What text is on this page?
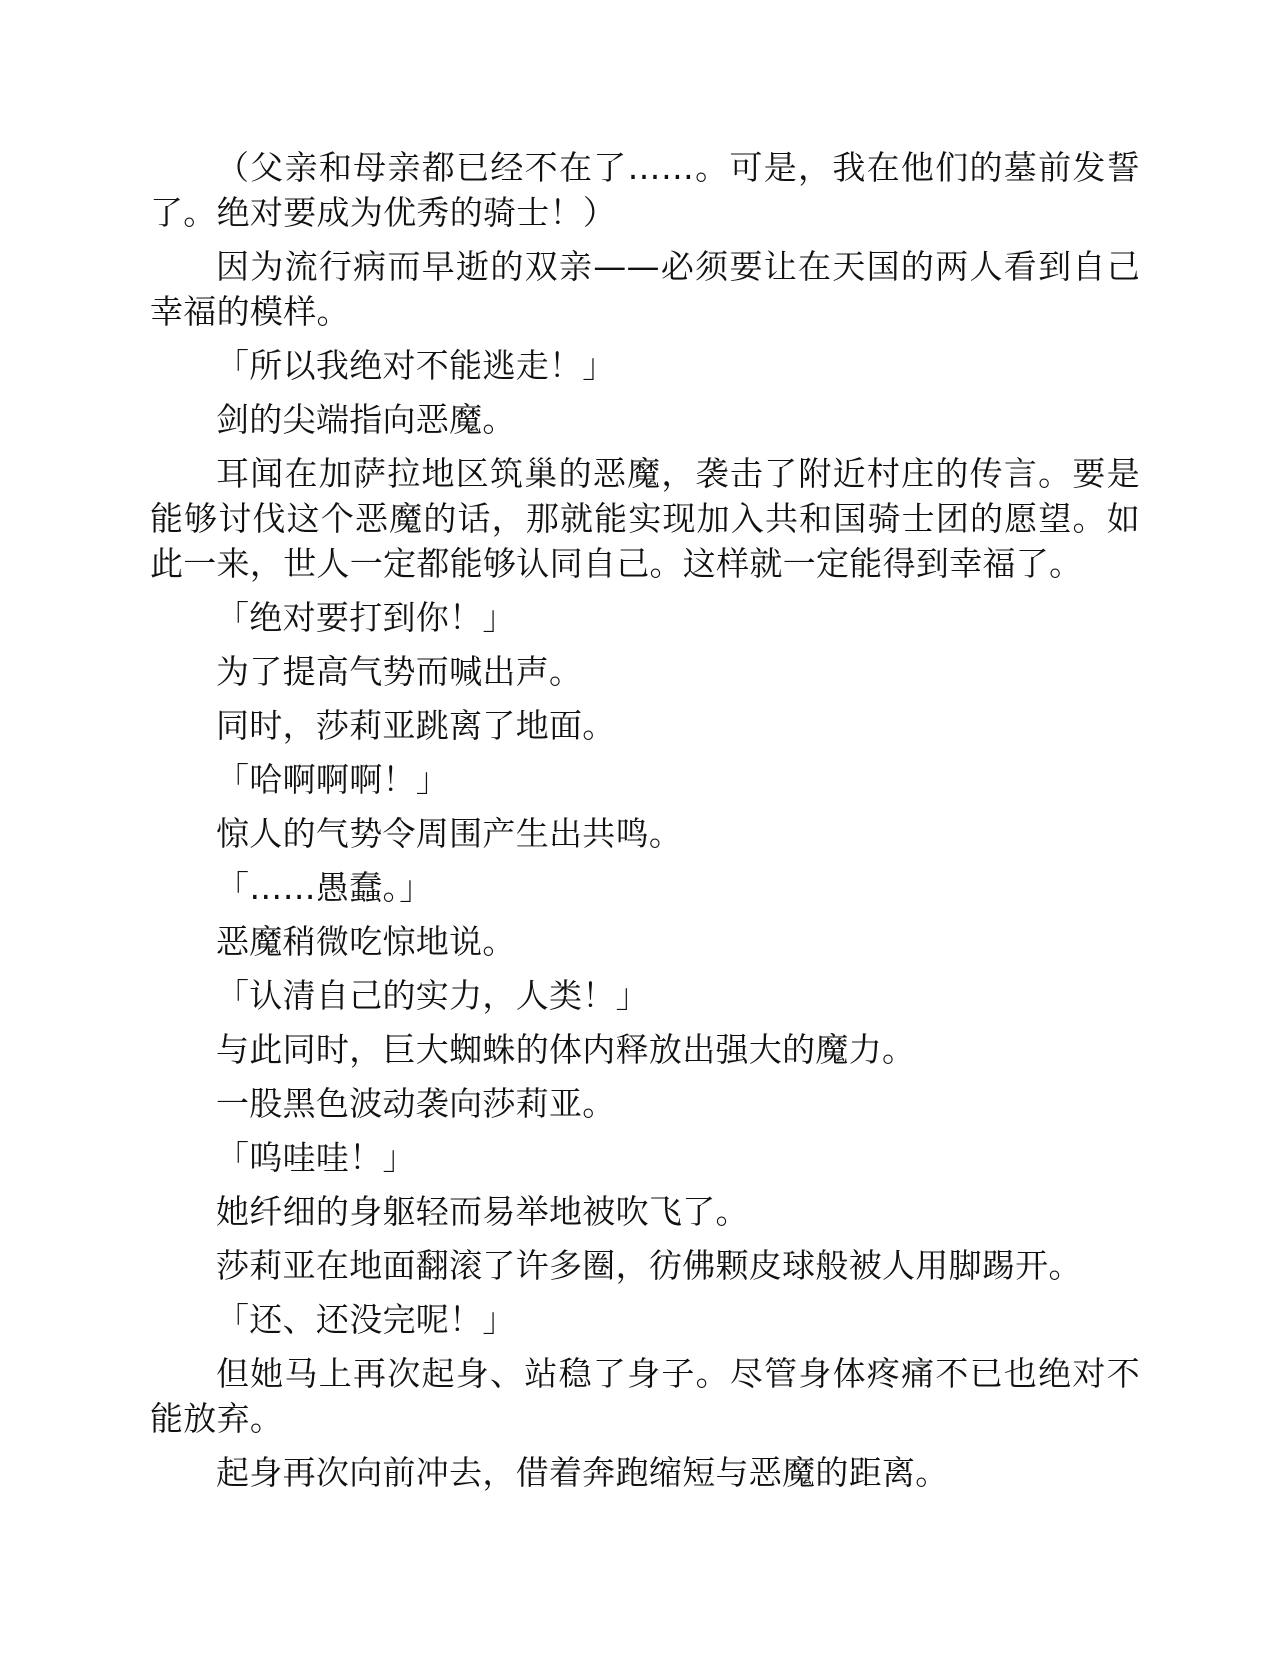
（父亲和母亲都已经不在了……。可是，我在他们的墓前发誓了。绝对要成为优秀的骑士！）

因为流行病而早逝的双亲——必须要让在天国的两人看到自己幸福的模样。

「所以我绝对不能逃走！」

剑的尖端指向恶魔。

耳闻在加萨拉地区筑巢的恶魔，袭击了附近村庄的传言。要是能够讨伐这个恶魔的话，那就能实现加入共和国骑士团的愿望。如此一来，世人一定都能够认同自己。这样就一定能得到幸福了。

「绝对要打到你！」

为了提高气势而喊出声。

同时，莎莉亚跳离了地面。

「哈啊啊啊！」

惊人的气势令周围产生出共鸣。

「……愚蠢。」

恶魔稍微吃惊地说。

「认清自己的实力，人类！」

与此同时，巨大蜘蛛的体内释放出强大的魔力。

一股黑色波动袭向莎莉亚。

「呜哇哇！」

她纤细的身躯轻而易举地被吹飞了。

莎莉亚在地面翻滚了许多圈，彷佛颗皮球般被人用脚踢开。

「还、还没完呢！」

但她马上再次起身、站稳了身子。尽管身体疼痛不已也绝对不能放弃。

起身再次向前冲去，借着奔跑缩短与恶魔的距离。
